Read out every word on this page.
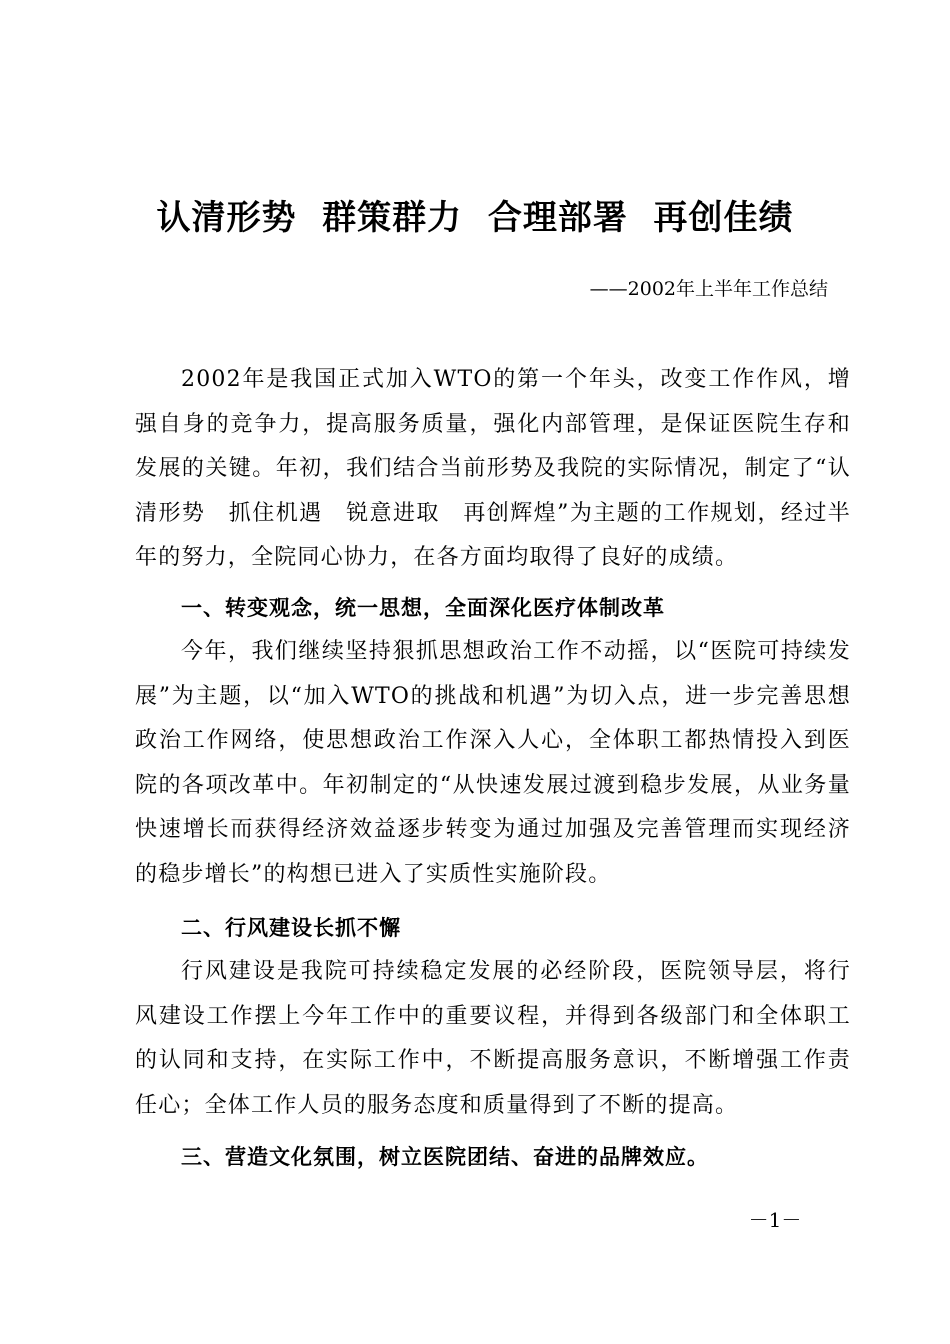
认清形势  群策群力  合理部署  再创佳绩
——2002年上半年工作总结

2002年是我国正式加入WTO的第一个年头，改变工作作风，增强自身的竞争力，提高服务质量，强化内部管理，是保证医院生存和发展的关键。年初，我们结合当前形势及我院的实际情况，制定了“认清形势　抓住机遇　锐意进取　再创辉煌”为主题的工作规划，经过半年的努力，全院同心协力，在各方面均取得了良好的成绩。

一、转变观念，统一思想，全面深化医疗体制改革

今年，我们继续坚持狠抓思想政治工作不动摇，以“医院可持续发展”为主题，以“加入WTO的挑战和机遇”为切入点，进一步完善思想政治工作网络，使思想政治工作深入人心，全体职工都热情投入到医院的各项改革中。年初制定的“从快速发展过渡到稳步发展，从业务量快速增长而获得经济效益逐步转变为通过加强及完善管理而实现经济的稳步增长”的构想已进入了实质性实施阶段。

二、行风建设长抓不懈

行风建设是我院可持续稳定发展的必经阶段，医院领导层，将行风建设工作摆上今年工作中的重要议程，并得到各级部门和全体职工的认同和支持，在实际工作中，不断提高服务意识，不断增强工作责任心；全体工作人员的服务态度和质量得到了不断的提高。

三、营造文化氛围，树立医院团结、奋进的品牌效应。
－1－
